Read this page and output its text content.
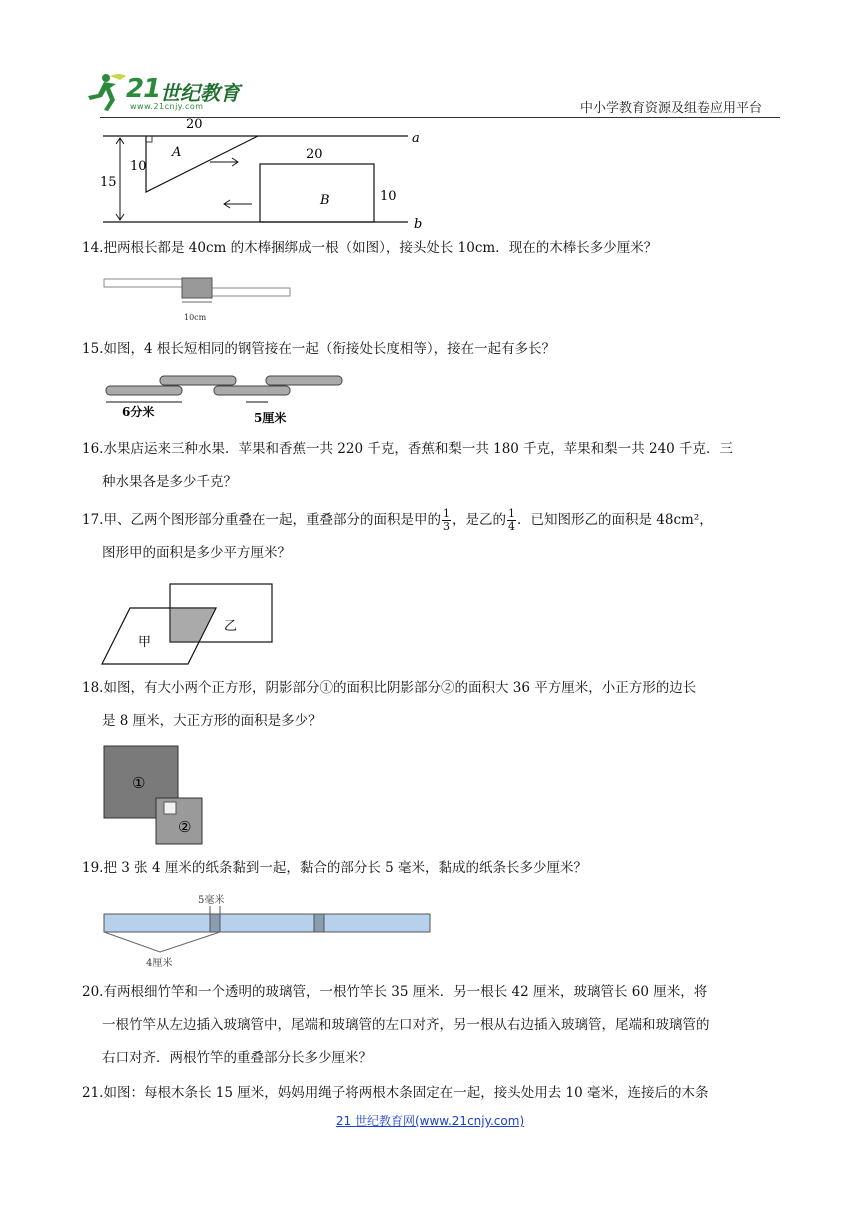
21 世纪教育
www.21cnjy.com	中小学教育资源及组卷应用平台
a
b
15
20
10
A	20
10
B
14.把两根长都是 40cm 的木棒捆绑成一根（如图），接头处长 10cm．现在的木棒长多少厘米？
10cm
15.如图，4 根长短相同的钢管接在一起（衔接处长度相等），接在一起有多长？
6分米	5厘米
16.水果店运来三种水果．苹果和香蕉一共 220 千克，香蕉和梨一共 180 千克，苹果和梨一共 240 千克．三
种水果各是多少千克？
17.甲、乙两个图形部分重叠在一起，重叠部分的面积是甲的 $\frac{1}{3}$ ，是乙的 $\frac{1}{4}$ ．已知图形乙的面积是 48cm²，
图形甲的面积是多少平方厘米？
甲
乙
18.如图，有大小两个正方形，阴影部分①的面积比阴影部分②的面积大 36 平方厘米，小正方形的边长
是 8 厘米，大正方形的面积是多少？
①
②
19.把 3 张 4 厘米的纸条黏到一起，黏合的部分长 5 毫米，黏成的纸条长多少厘米？
5毫米
4厘米
20.有两根细竹竿和一个透明的玻璃管，一根竹竿长 35 厘米．另一根长 42 厘米，玻璃管长 60 厘米，将
一根竹竿从左边插入玻璃管中，尾端和玻璃管的左口对齐，另一根从右边插入玻璃管，尾端和玻璃管的
右口对齐．两根竹竿的重叠部分长多少厘米？
21.如图：每根木条长 15 厘米，妈妈用绳子将两根木条固定在一起，接头处用去 10 毫米，连接后的木条
21 世纪教育网(www.21cnjy.com)
